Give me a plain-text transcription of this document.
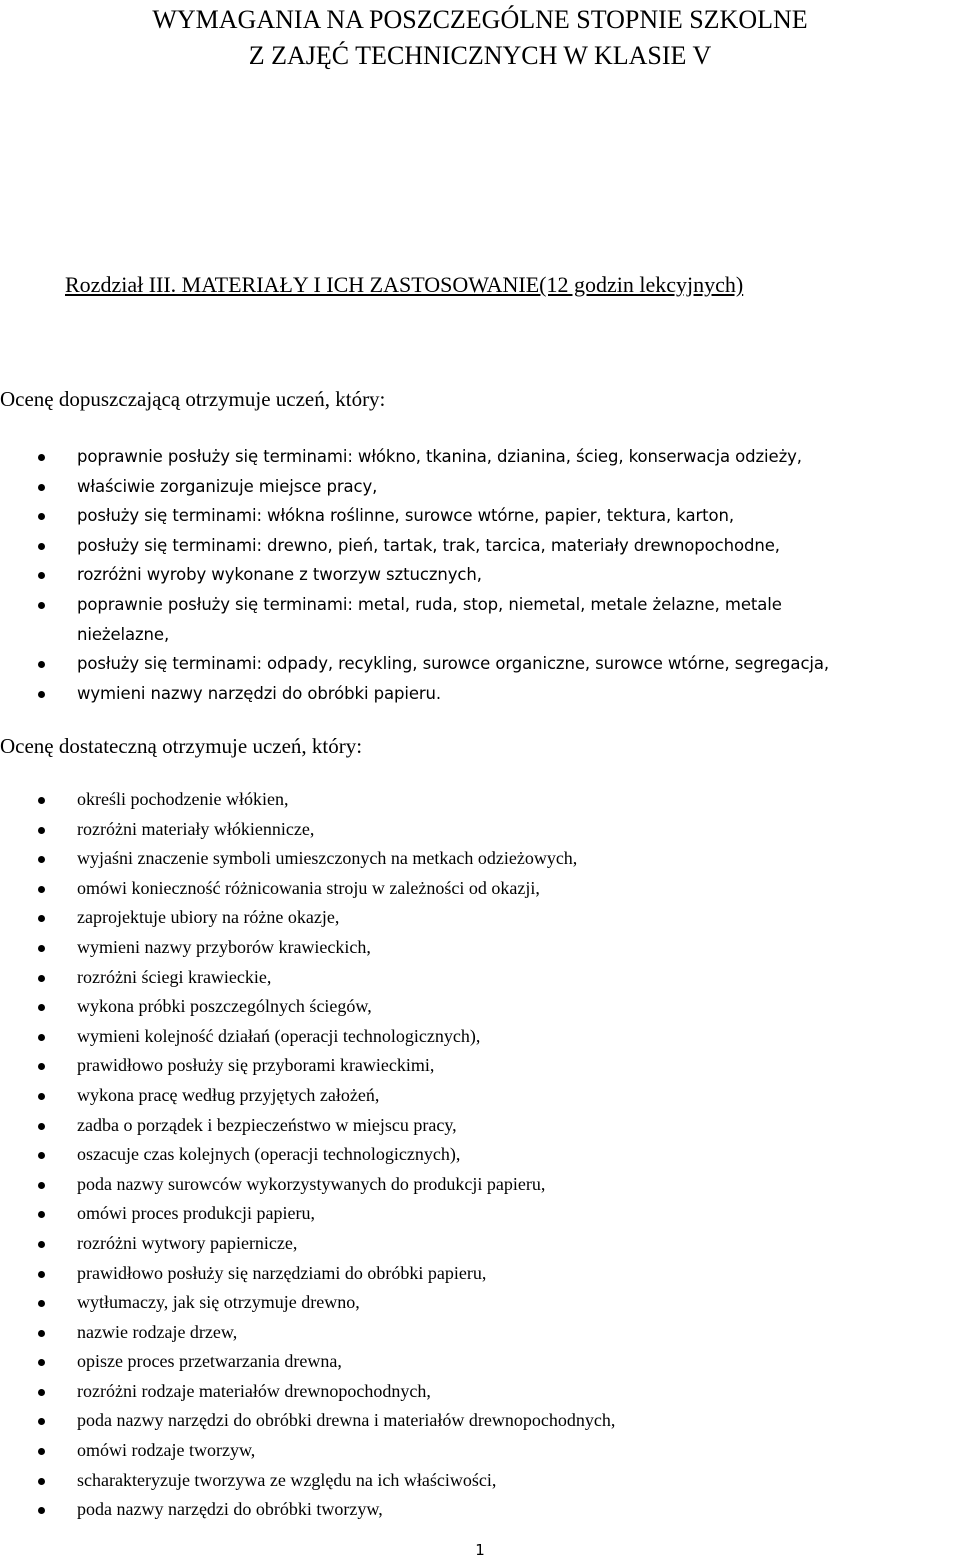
WYMAGANIA NA POSZCZEGÓLNE STOPNIE SZKOLNE
Z ZAJĘĆ TECHNICZNYCH W KLASIE V
Rozdział III. MATERIAŁY I ICH ZASTOSOWANIE(12 godzin lekcyjnych)
Ocenę dopuszczającą otrzymuje uczeń, który:
poprawnie posłuży się terminami: włókno, tkanina, dzianina, ścieg, konserwacja odzieży,
właściwie zorganizuje miejsce pracy,
posłuży się terminami: włókna roślinne, surowce wtórne, papier, tektura, karton,
posłuży się terminami: drewno, pień, tartak, trak, tarcica, materiały drewnopochodne,
rozróżni wyroby wykonane z tworzyw sztucznych,
poprawnie posłuży się terminami: metal, ruda, stop, niemetal, metale żelazne, metale
nieżelazne,
posłuży się terminami: odpady, recykling, surowce organiczne, surowce wtórne, segregacja,
wymieni nazwy narzędzi do obróbki papieru.
Ocenę dostateczną otrzymuje uczeń, który:
określi pochodzenie włókien,
rozróżni materiały włókiennicze,
wyjaśni znaczenie symboli umieszczonych na metkach odzieżowych,
omówi konieczność różnicowania stroju w zależności od okazji,
zaprojektuje ubiory na różne okazje,
wymieni nazwy przyborów krawieckich,
rozróżni ściegi krawieckie,
wykona próbki poszczególnych ściegów,
wymieni kolejność działań (operacji technologicznych),
prawidłowo posłuży się przyborami krawieckimi,
wykona pracę według przyjętych założeń,
zadba o porządek i bezpieczeństwo w miejscu pracy,
oszacuje czas kolejnych (operacji technologicznych),
poda nazwy surowców wykorzystywanych do produkcji papieru,
omówi proces produkcji papieru,
rozróżni wytwory papiernicze,
prawidłowo posłuży się narzędziami do obróbki papieru,
wytłumaczy, jak się otrzymuje drewno,
nazwie rodzaje drzew,
opisze proces przetwarzania drewna,
rozróżni rodzaje materiałów drewnopochodnych,
poda nazwy narzędzi do obróbki drewna i materiałów drewnopochodnych,
omówi rodzaje tworzyw,
scharakteryzuje tworzywa ze względu na ich właściwości,
poda nazwy narzędzi do obróbki tworzyw,
1
